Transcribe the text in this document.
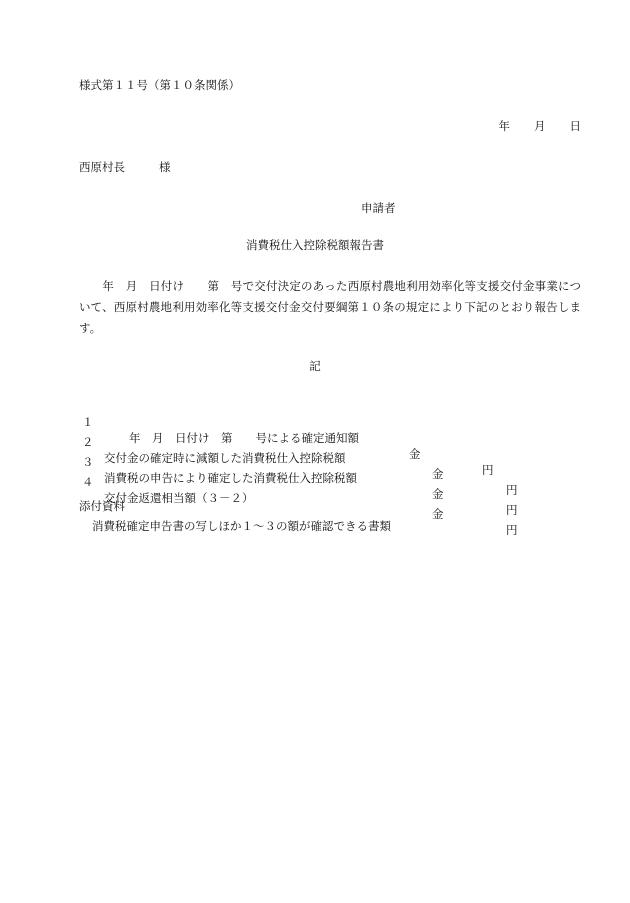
様式第１１号（第１０条関係）
年 月 日
西原村長	様
申請者
消費税仕入控除税額報告書
　　年　月　日付け　　第　号で交付決定のあった西原村農地利用効率化等支援交付金事業について、西原村農地利用効率化等支援交付金交付要綱第１０条の規定により下記のとおり報告します。
記

１

年　月　日付け　第　　号による確定通知額

金

円

２

交付金の確定時に減額した消費税仕入控除税額

金

円

３

消費税の申告により確定した消費税仕入控除税額

金

円

４

交付金返還相当額（３－２）

金

円

添付資料
消費税確定申告書の写しほか１～３の額が確認できる書類
